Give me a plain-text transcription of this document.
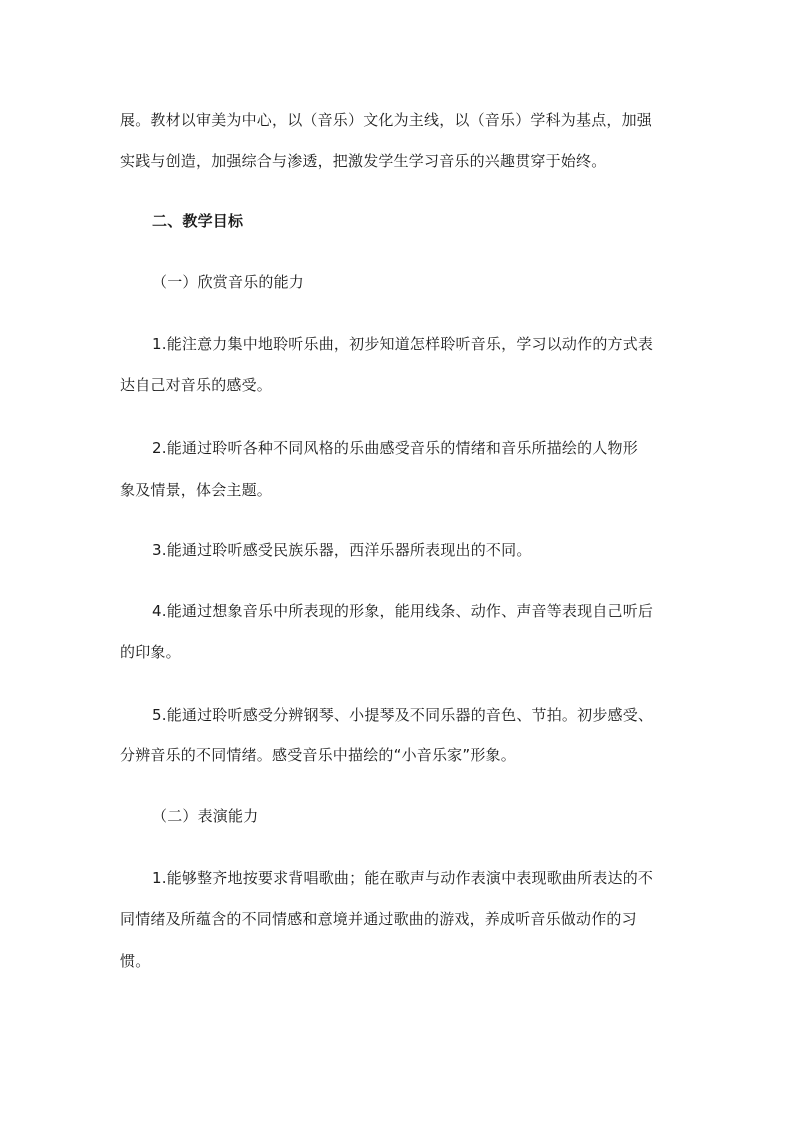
展。教材以审美为中心，以（音乐）文化为主线，以（音乐）学科为基点，加强
实践与创造，加强综合与渗透，把激发学生学习音乐的兴趣贯穿于始终。
二、教学目标
（一）欣赏音乐的能力
1.能注意力集中地聆听乐曲，初步知道怎样聆听音乐，学习以动作的方式表
达自己对音乐的感受。
2.能通过聆听各种不同风格的乐曲感受音乐的情绪和音乐所描绘的人物形
象及情景，体会主题。
3.能通过聆听感受民族乐器，西洋乐器所表现出的不同。
4.能通过想象音乐中所表现的形象，能用线条、动作、声音等表现自己听后
的印象。
5.能通过聆听感受分辨钢琴、小提琴及不同乐器的音色、节拍。初步感受、
分辨音乐的不同情绪。感受音乐中描绘的“小音乐家”形象。
（二）表演能力
1.能够整齐地按要求背唱歌曲；能在歌声与动作表演中表现歌曲所表达的不
同情绪及所蕴含的不同情感和意境并通过歌曲的游戏，养成听音乐做动作的习
惯。
